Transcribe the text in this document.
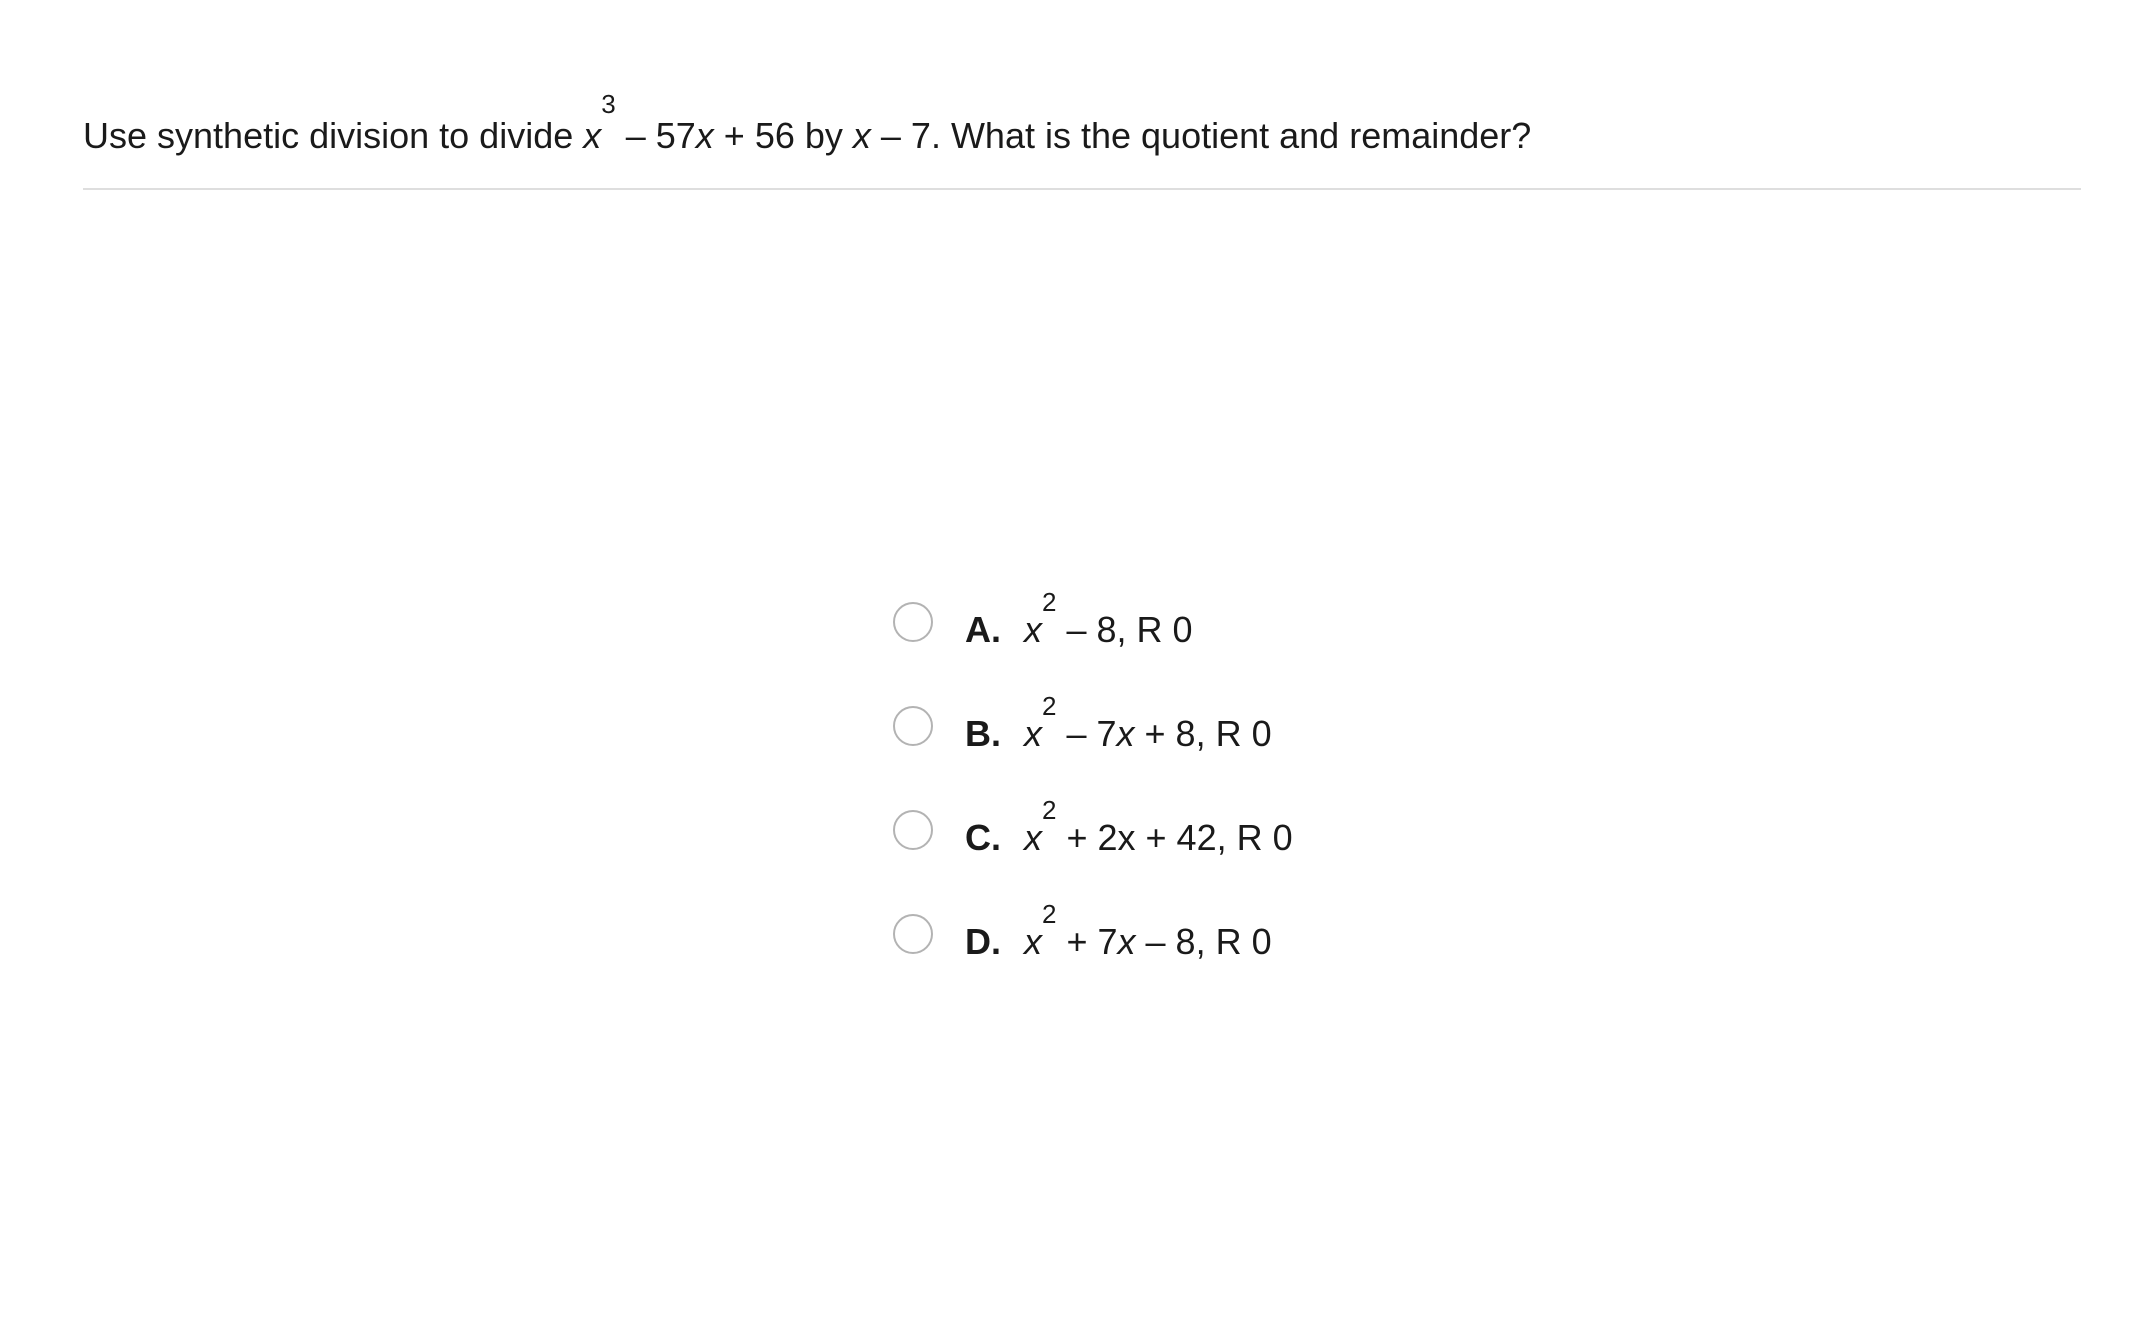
Use synthetic division to divide $x^3 - 57x + 56$ by x – 7. What is the quotient and remainder?
A. $x^2 - 8$, R 0
B. $x^2 - 7x + 8$, R 0
C. $x^2 + 2x + 42$, R 0
D. $x^2 + 7x - 8$, R 0
